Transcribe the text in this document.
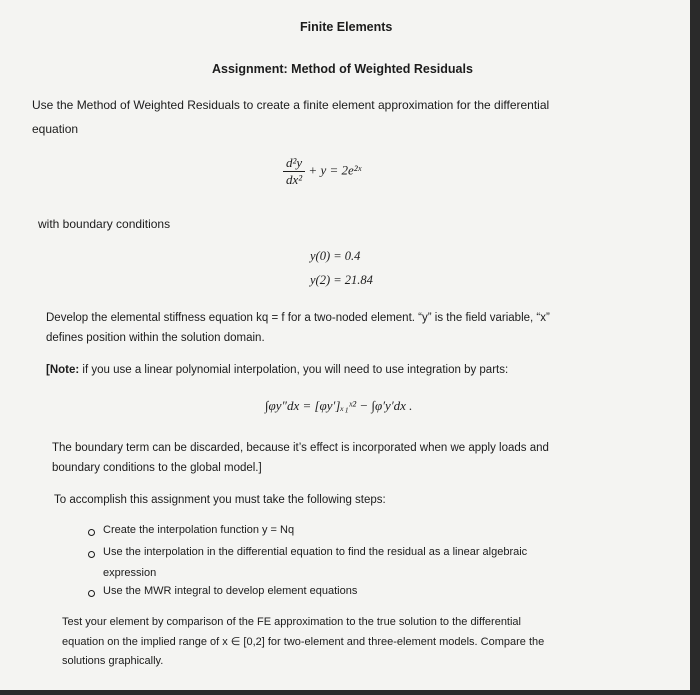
Finite Elements
Assignment: Method of Weighted Residuals
Use the Method of Weighted Residuals to create a finite element approximation for the differential
equation
$\frac{\text{d²y}}{\text{dx²}} + y$ = 2e²ˣ
with boundary conditions
y(0) = 0.4
y(2) = 21.84
Develop the elemental stiffness equation kq = f for a two-noded element. “y” is the field variable, “x”
defines position within the solution domain.
[Note: if you use a linear polynomial interpolation, you will need to use integration by parts:
∫φy″dx = [φy′]ₓ₁ˣ² − ∫φ′y′dx .
The boundary term can be discarded, because it’s effect is incorporated when we apply loads and
boundary conditions to the global model.]
To accomplish this assignment you must take the following steps:
Create the interpolation function y = Nq
Use the interpolation in the differential equation to find the residual as a linear algebraic
expression
Use the MWR integral to develop element equations
Test your element by comparison of the FE approximation to the true solution to the differential
equation on the implied range of x ∈ [0,2] for two-element and three-element models. Compare the
solutions graphically.
